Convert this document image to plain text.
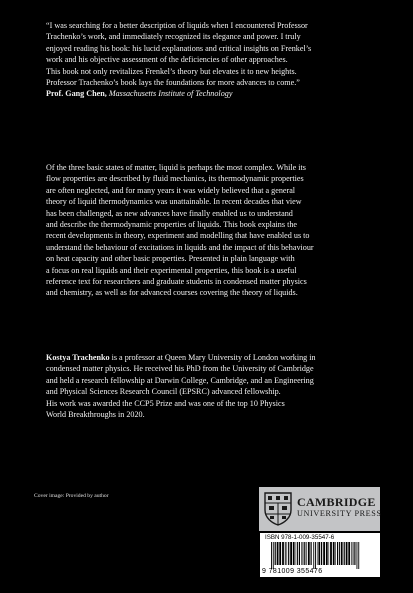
“I was searching for a better description of liquids when I encountered Professor
Trachenko’s work, and immediately recognized its elegance and power. I truly
enjoyed reading his book: his lucid explanations and critical insights on Frenkel’s
work and his objective assessment of the deficiencies of other approaches.
This book not only revitalizes Frenkel’s theory but elevates it to new heights.
Professor Trachenko’s book lays the foundations for more advances to come.”
Prof. Gang Chen, Massachusetts Institute of Technology
Of the three basic states of matter, liquid is perhaps the most complex. While its
flow properties are described by fluid mechanics, its thermodynamic properties
are often neglected, and for many years it was widely believed that a general
theory of liquid thermodynamics was unattainable. In recent decades that view
has been challenged, as new advances have finally enabled us to understand
and describe the thermodynamic properties of liquids. This book explains the
recent developments in theory, experiment and modelling that have enabled us to
understand the behaviour of excitations in liquids and the impact of this behaviour
on heat capacity and other basic properties. Presented in plain language with
a focus on real liquids and their experimental properties, this book is a useful
reference text for researchers and graduate students in condensed matter physics
and chemistry, as well as for advanced courses covering the theory of liquids.
Kostya Trachenko is a professor at Queen Mary University of London working in
condensed matter physics. He received his PhD from the University of Cambridge
and held a research fellowship at Darwin College, Cambridge, and an Engineering
and Physical Sciences Research Council (EPSRC) advanced fellowship.
His work was awarded the CCP5 Prize and was one of the top 10 Physics
World Breakthroughs in 2020.
Cover image: Provided by author	CAMBRIDGE
UNIVERSITY PRESS
ISBN 978-1-009-35547-6
9 781009 355476
